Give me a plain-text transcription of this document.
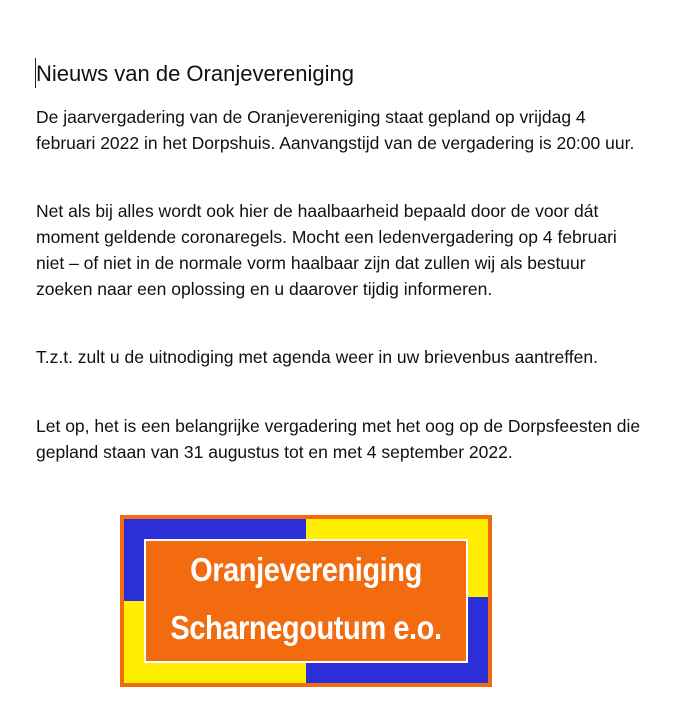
Nieuws van de Oranjevereniging

De jaarvergadering van de Oranjevereniging staat gepland op vrijdag 4 februari 2022 in het Dorpshuis. Aanvangstijd van de vergadering is 20:00 uur.

Net als bij alles wordt ook hier de haalbaarheid bepaald door de voor dát moment geldende coronaregels. Mocht een ledenvergadering op 4 februari niet – of niet in de normale vorm haalbaar zijn dat zullen wij als bestuur zoeken naar een oplossing en u daarover tijdig informeren.

T.z.t. zult u de uitnodiging met agenda weer in uw brievenbus aantreffen.

Let op, het is een belangrijke vergadering met het oog op de Dorpsfeesten die gepland staan van 31 augustus tot en met 4 september 2022.

Oranjevereniging
Scharnegoutum e.o.
